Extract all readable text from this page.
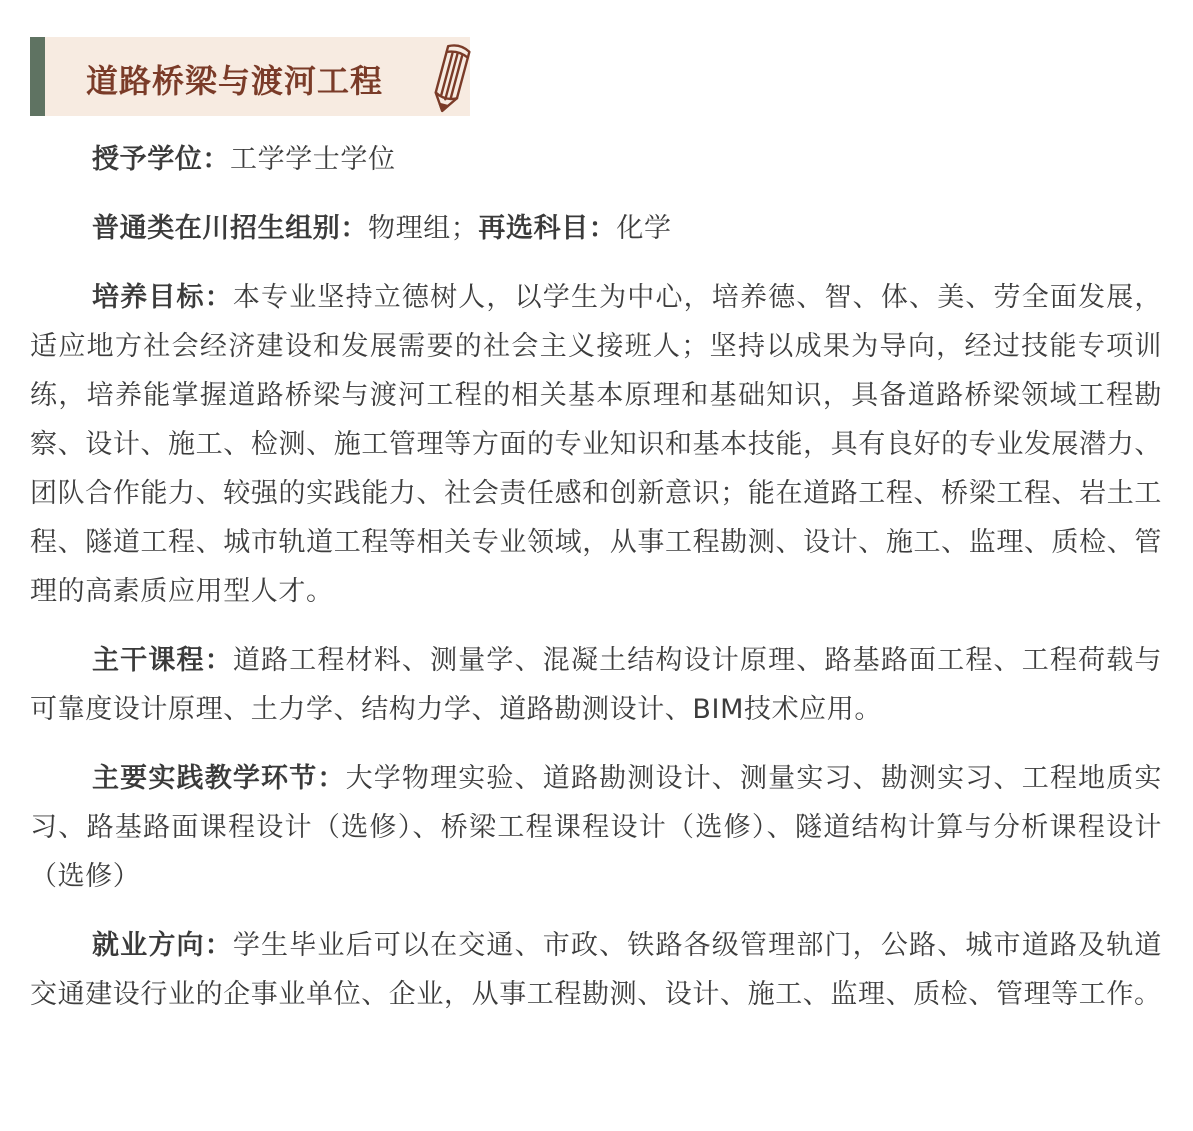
道路桥梁与渡河工程

授予学位：工学学士学位

普通类在川招生组别：物理组；再选科目：化学

培养目标：本专业坚持立德树人，以学生为中心，培养德、智、体、美、劳全面发展，适应地方社会经济建设和发展需要的社会主义接班人；坚持以成果为导向，经过技能专项训练，培养能掌握道路桥梁与渡河工程的相关基本原理和基础知识，具备道路桥梁领域工程勘察、设计、施工、检测、施工管理等方面的专业知识和基本技能，具有良好的专业发展潜力、团队合作能力、较强的实践能力、社会责任感和创新意识；能在道路工程、桥梁工程、岩土工程、隧道工程、城市轨道工程等相关专业领域，从事工程勘测、设计、施工、监理、质检、管理的高素质应用型人才。

主干课程：道路工程材料、测量学、混凝土结构设计原理、路基路面工程、工程荷载与可靠度设计原理、土力学、结构力学、道路勘测设计、BIM技术应用。

主要实践教学环节：大学物理实验、道路勘测设计、测量实习、勘测实习、工程地质实习、路基路面课程设计（选修）、桥梁工程课程设计（选修）、隧道结构计算与分析课程设计（选修）

就业方向：学生毕业后可以在交通、市政、铁路各级管理部门，公路、城市道路及轨道交通建设行业的企事业单位、企业，从事工程勘测、设计、施工、监理、质检、管理等工作。
